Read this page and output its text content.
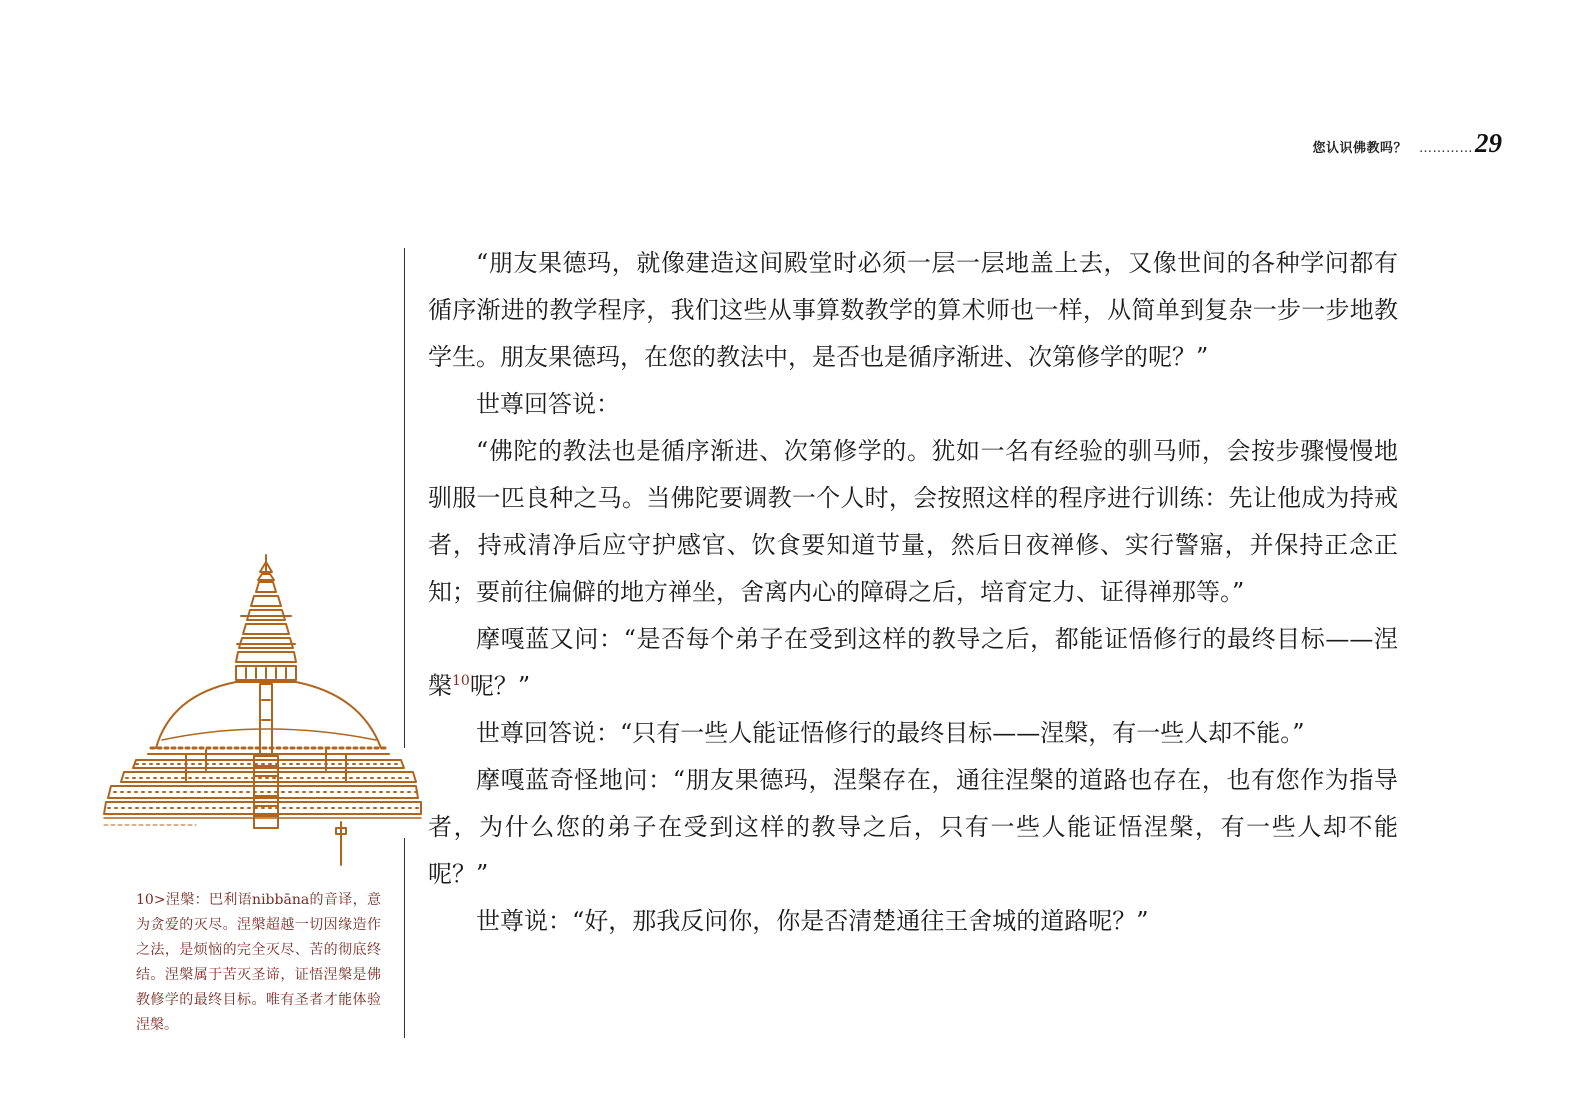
您认识佛教吗？ ………… 29

“朋友果德玛，就像建造这间殿堂时必须一层一层地盖上去，又像世间的各种学问都有循序渐进的教学程序，我们这些从事算数教学的算术师也一样，从简单到复杂一步一步地教学生。朋友果德玛，在您的教法中，是否也是循序渐进、次第修学的呢？”

世尊回答说：

“佛陀的教法也是循序渐进、次第修学的。犹如一名有经验的驯马师，会按步骤慢慢地驯服一匹良种之马。当佛陀要调教一个人时，会按照这样的程序进行训练：先让他成为持戒者，持戒清净后应守护感官、饮食要知道节量，然后日夜禅修、实行警寤，并保持正念正知；要前往偏僻的地方禅坐，舍离内心的障碍之后，培育定力、证得禅那等。”

摩嘎蓝又问：“是否每个弟子在受到这样的教导之后，都能证悟修行的最终目标——涅槃$^{10}$呢？”

世尊回答说：“只有一些人能证悟修行的最终目标——涅槃，有一些人却不能。”

摩嘎蓝奇怪地问：“朋友果德玛，涅槃存在，通往涅槃的道路也存在，也有您作为指导者，为什么您的弟子在受到这样的教导之后，只有一些人能证悟涅槃，有一些人却不能呢？”

世尊说：“好，那我反问你，你是否清楚通往王舍城的道路呢？”

10>涅槃：巴利语nibbāna的音译，意为贪爱的灭尽。涅槃超越一切因缘造作之法，是烦恼的完全灭尽、苦的彻底终结。涅槃属于苦灭圣谛，证悟涅槃是佛教修学的最终目标。唯有圣者才能体验涅槃。
